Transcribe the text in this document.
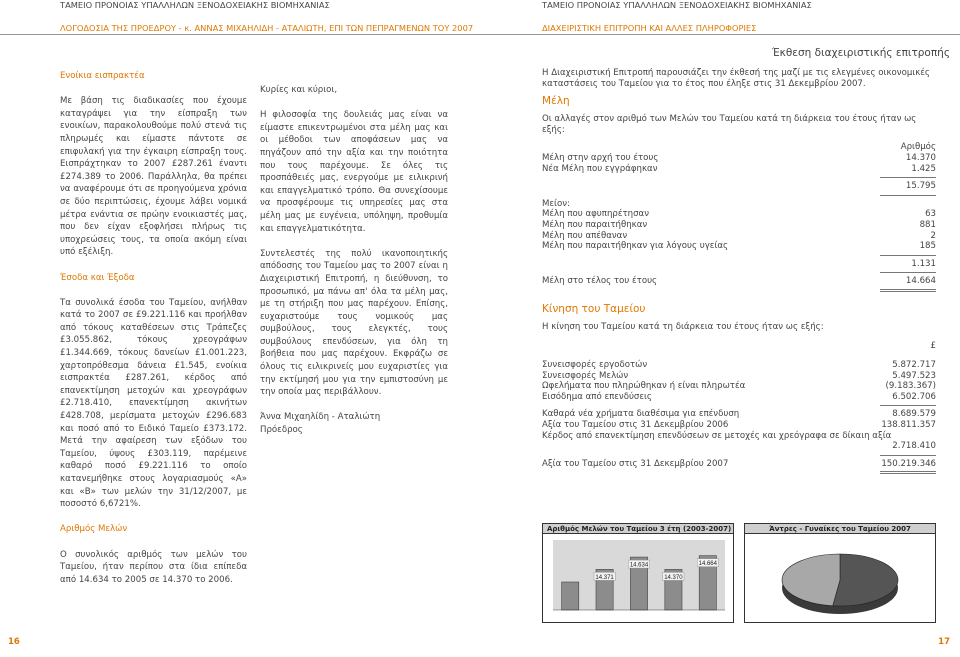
ΤΑΜΕΙΟ ΠΡΟΝΟΙΑΣ ΥΠΑΛΛΗΛΩΝ ΞΕΝΟΔΟΧΕΙΑΚΗΣ ΒΙΟΜΗΧΑΝΙΑΣ
ΛΟΓΟΔΟΣΙΑ ΤΗΣ ΠΡΟΕΔΡΟΥ - κ. ΑΝΝΑΣ ΜΙΧΑΗΛΙΔΗ - ΑΤΑΛΙΩΤΗ, ΕΠΙ ΤΩΝ ΠΕΠΡΑΓΜΕΝΩΝ ΤΟΥ 2007

Ενοίκια εισπρακτέα

Με βάση τις διαδικασίες που έχουμε καταγράψει για την είσπραξη των ενοικίων, παρακολουθούμε πολύ στενά τις πληρωμές και είμαστε πάντοτε σε επιφυλακή για την έγκαιρη είσπραξη τους. Εισπράχτηκαν το 2007 £287.261 έναντι £274.389 το 2006. Παράλληλα, θα πρέπει να αναφέρουμε ότι σε προηγούμενα χρόνια σε δύο περιπτώσεις, έχουμε λάβει νομικά μέτρα ενάντια σε πρώην ενοικιαστές μας, που δεν είχαν εξοφλήσει πλήρως τις υποχρεώσεις τους, τα οποία ακόμη είναι υπό εξέλιξη.

Έσοδα και Έξοδα

Τα συνολικά έσοδα του Ταμείου, ανήλθαν κατά το 2007 σε £9.221.116 και προήλθαν από τόκους καταθέσεων στις Τράπεζες £3.055.862, τόκους χρεογράφων £1.344.669, τόκους δανείων £1.001.223, χαρτοπρόθεσμα δάνεια £1.545, ενοίκια εισπρακτέα £287.261, κέρδος από επανεκτίμηση μετοχών και χρεογράφων £2.718.410, επανεκτίμηση ακινήτων £428.708, μερίσματα μετοχών £296.683 και ποσό από το Ειδικό Ταμείο £373.172. Μετά την αφαίρεση των εξόδων του Ταμείου, ύψους £303.119, παρέμεινε καθαρό ποσό £9.221.116 το οποίο κατανεμήθηκε στους λογαριασμούς «Α» και «Β» των μελών την 31/12/2007, με ποσοστό 6,6721%.

Αριθμός Μελών

Ο συνολικός αριθμός των μελών του Ταμείου, ήταν περίπου στα ίδια επίπεδα από 14.634 το 2005 σε 14.370 το 2006.

Κυρίες και κύριοι,

Η φιλοσοφία της δουλειάς μας είναι να είμαστε επικεντρωμένοι στα μέλη μας και οι μέθοδοι των αποφάσεων μας να πηγάζουν από την αξία και την ποιότητα που τους παρέχουμε. Σε όλες τις προσπάθειές μας, ενεργούμε με ειλικρινή και επαγγελματικό τρόπο. Θα συνεχίσουμε να προσφέρουμε τις υπηρεσίες μας στα μέλη μας με ευγένεια, υπόληψη, προθυμία και επαγγελματικότητα.

Συντελεστές της πολύ ικανοποιητικής απόδοσης του Ταμείου μας το 2007 είναι η Διαχειριστική Επιτροπή, η διεύθυνση, το προσωπικό, μα πάνω απ' όλα τα μέλη μας, με τη στήριξη που μας παρέχουν. Επίσης, ευχαριστούμε τους νομικούς μας συμβούλους, τους ελεγκτές, τους συμβούλους επενδύσεων, για όλη τη βοήθεια που μας παρέχουν. Εκφράζω σε όλους τις ειλικρινείς μου ευχαριστίες για την εκτίμησή μου για την εμπιστοσύνη με την οποία μας περιβάλλουν.

Άννα Μιχαηλίδη - Αταλιώτη

Πρόεδρος

16
ΤΑΜΕΙΟ ΠΡΟΝΟΙΑΣ ΥΠΑΛΛΗΛΩΝ ΞΕΝΟΔΟΧΕΙΑΚΗΣ ΒΙΟΜΗΧΑΝΙΑΣ
ΔΙΑΧΕΙΡΙΣΤΙΚΗ ΕΠΙΤΡΟΠΗ ΚΑΙ ΑΛΛΕΣ ΠΛΗΡΟΦΟΡΙΕΣ
Έκθεση διαχειριστικής επιτροπής

Η Διαχειριστική Επιτροπή παρουσιάζει την έκθεσή της μαζί με τις ελεγμένες οικονομικές καταστάσεις του Ταμείου για το έτος που έληξε στις 31 Δεκεμβρίου 2007.

Μέλη

Οι αλλαγές στον αριθμό των Μελών του Ταμείου κατά τη διάρκεια του έτους ήταν ως εξής:

Αριθμός
Μέλη στην αρχή του έτους	14.370
Νέα Μέλη που εγγράφηκαν	1.425
15.795
Μείον:
Μέλη που αφυπηρέτησαν	63
Μέλη που παραιτήθηκαν	881
Μέλη που απέθαναν	2
Μέλη που παραιτήθηκαν για λόγους υγείας	185
1.131
Μέλη στο τέλος του έτους	14.664

Κίνηση του Ταμείου

Η κίνηση του Ταμείου κατά τη διάρκεια του έτους ήταν ως εξής:

£
Συνεισφορές εργοδοτών	5.872.717
Συνεισφορές Μελών	5.497.523
Ωφελήματα που πληρώθηκαν ή είναι πληρωτέα	(9.183.367)
Εισόδημα από επενδύσεις	6.502.706
Καθαρά νέα χρήματα διαθέσιμα για επένδυση	8.689.579
Αξία του Ταμείου στις 31 Δεκεμβρίου 2006	138.811.357
Κέρδος από επανεκτίμηση επενδύσεων σε μετοχές και χρεόγραφα σε δίκαιη αξία
2.718.410
Αξία του Ταμείου στις 31 Δεκεμβρίου 2007	150.219.346
Αριθμός Μελών του Ταμείου 3 έτη (2003-2007)
14.371
14.634
14.370
14.664
Άντρες - Γυναίκες του Ταμείου 2007
17
